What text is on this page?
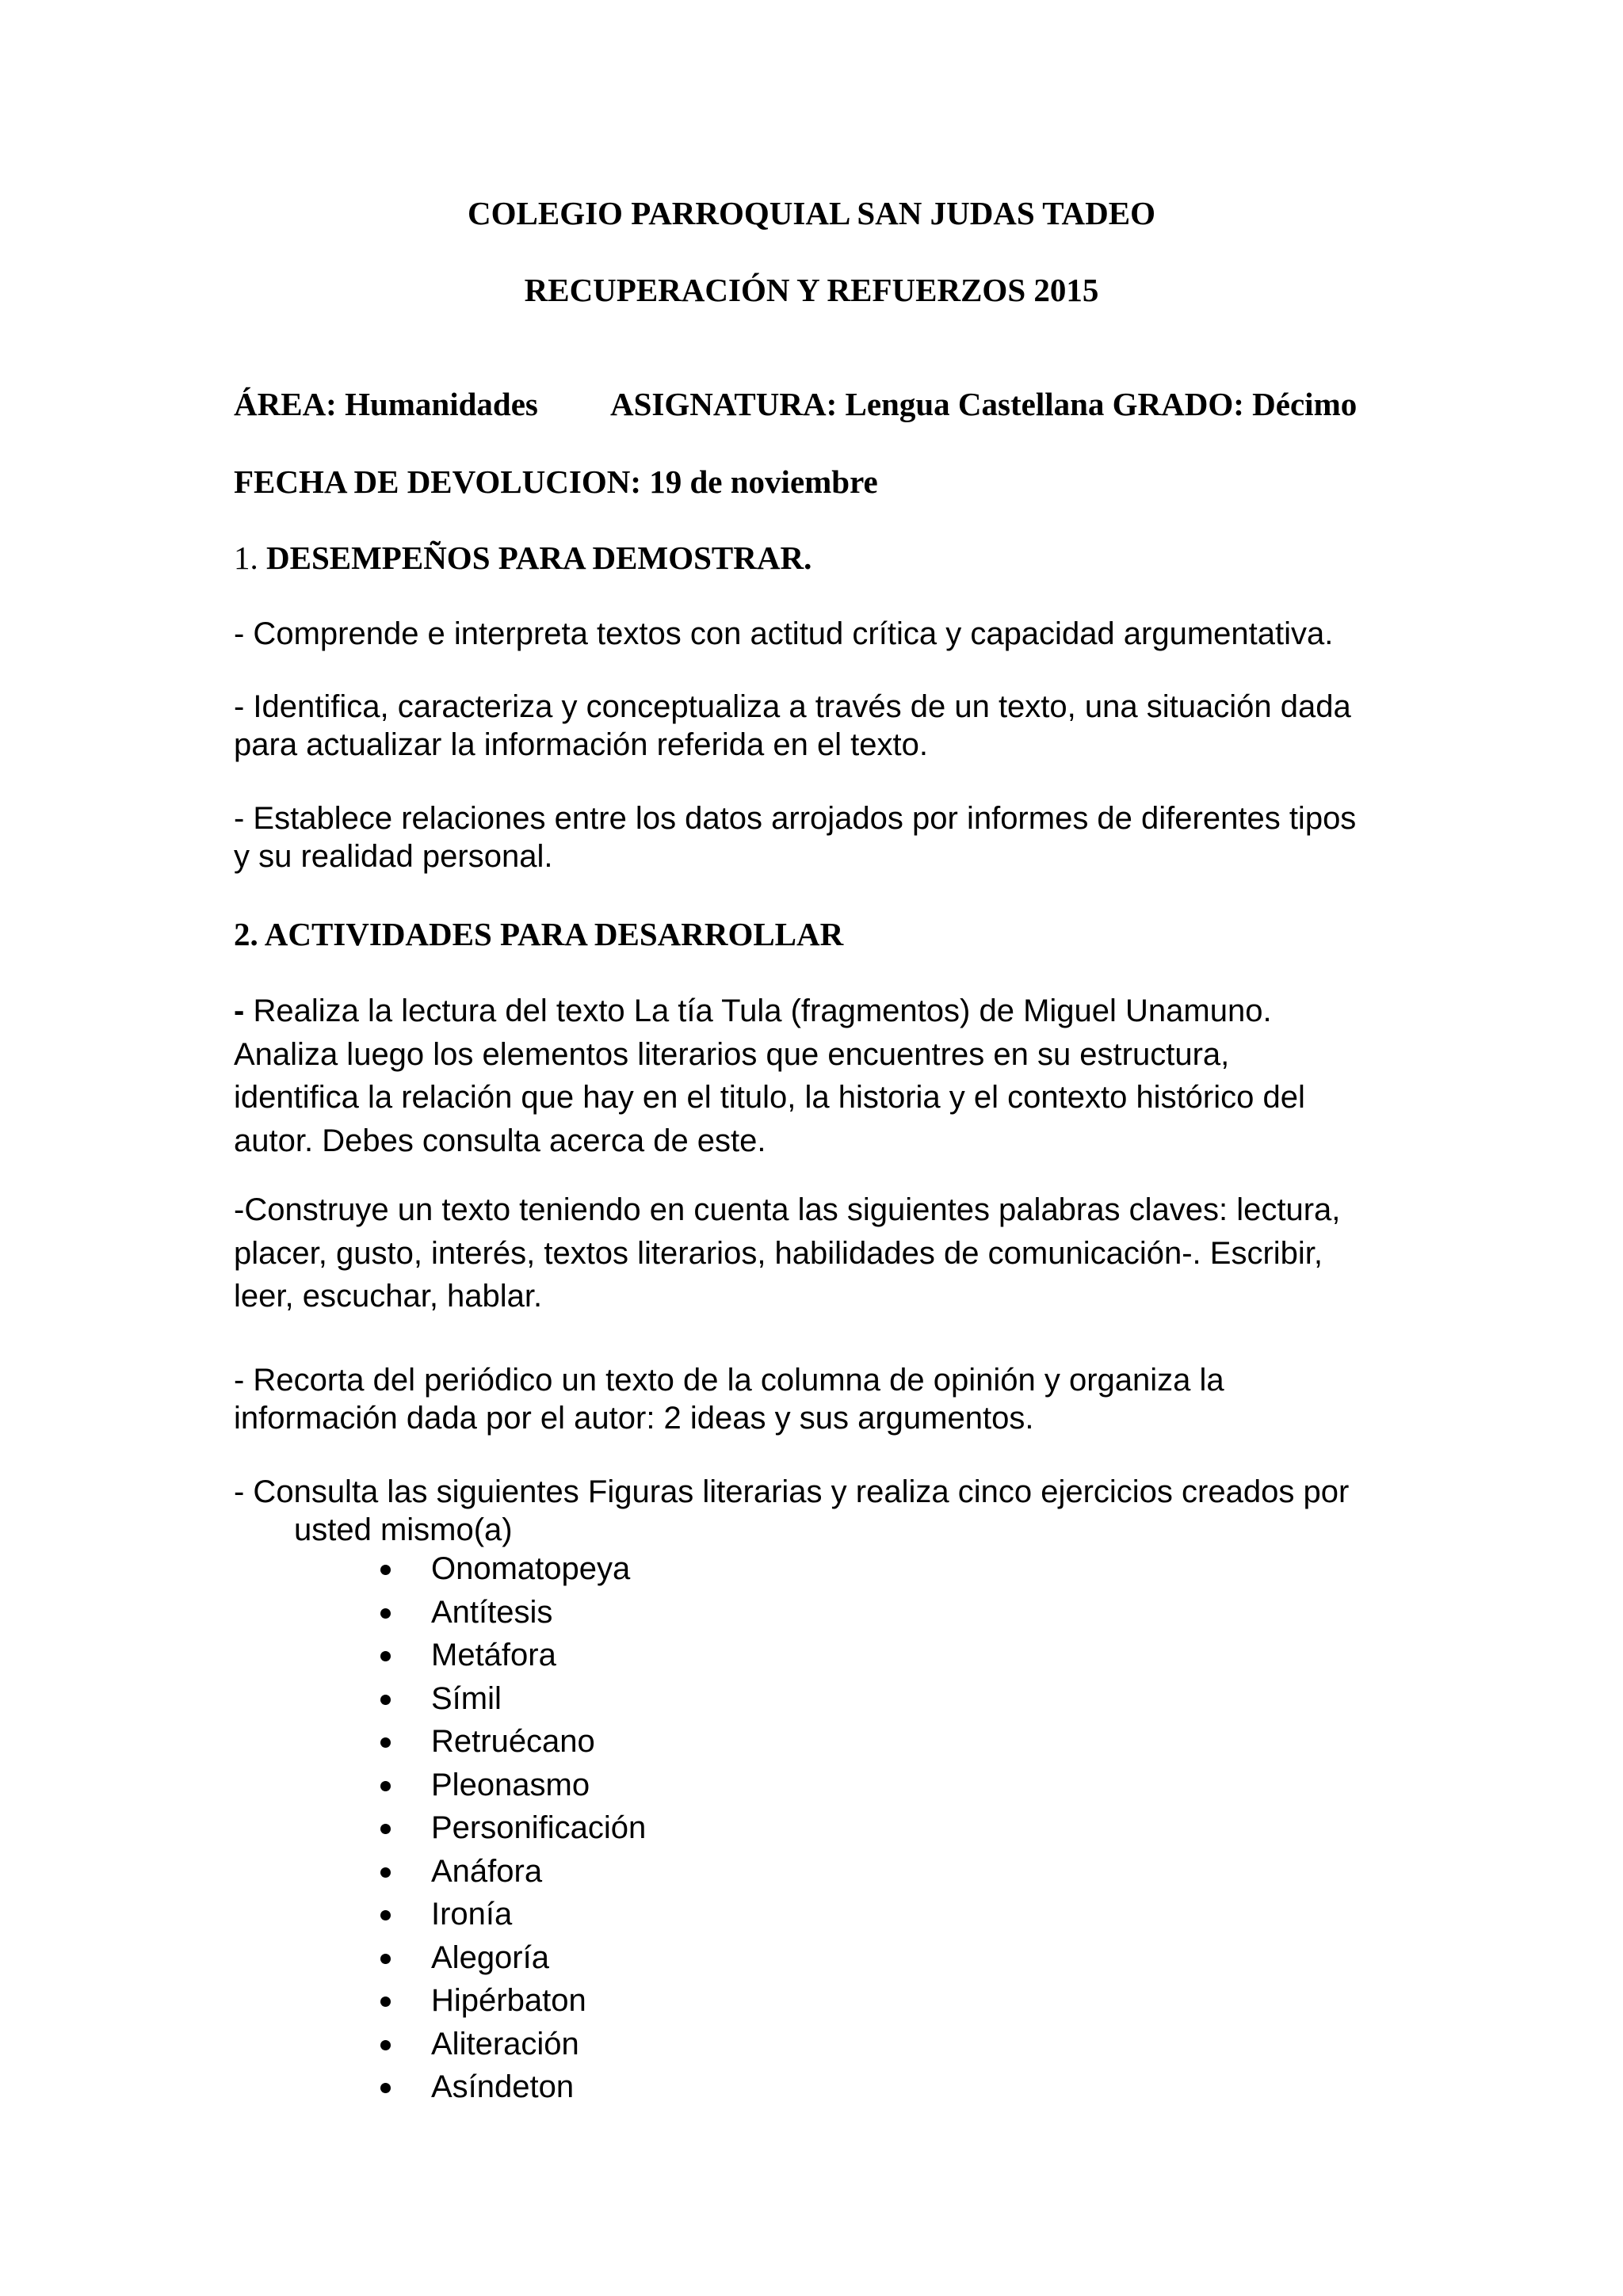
COLEGIO PARROQUIAL SAN JUDAS TADEO
RECUPERACIÓN Y REFUERZOS 2015
ÁREA: Humanidades ASIGNATURA: Lengua Castellana GRADO: Décimo
FECHA DE DEVOLUCION: 19 de noviembre
1. DESEMPEÑOS PARA DEMOSTRAR.
- Comprende e interpreta textos con actitud crítica y capacidad argumentativa.
- Identifica, caracteriza y conceptualiza a través de un texto, una situación dada
para actualizar la información referida en el texto.
- Establece relaciones entre los datos arrojados por informes de diferentes tipos
y su realidad personal.
2. ACTIVIDADES PARA DESARROLLAR
- Realiza la lectura del texto La tía Tula (fragmentos) de Miguel Unamuno.
Analiza luego los elementos literarios que encuentres en su estructura,
identifica la relación que hay en el titulo, la historia y el contexto histórico del
autor. Debes consulta acerca de este.
-Construye un texto teniendo en cuenta las siguientes palabras claves: lectura,
placer, gusto, interés, textos literarios, habilidades de comunicación-. Escribir,
leer, escuchar, hablar.
- Recorta del periódico un texto de la columna de opinión y organiza la
información dada por el autor: 2 ideas y sus argumentos.
- Consulta las siguientes Figuras literarias y realiza cinco ejercicios creados por
usted mismo(a)
Onomatopeya
Antítesis
Metáfora
Símil
Retruécano
Pleonasmo
Personificación
Anáfora
Ironía
Alegoría
Hipérbaton
Aliteración
Asíndeton
